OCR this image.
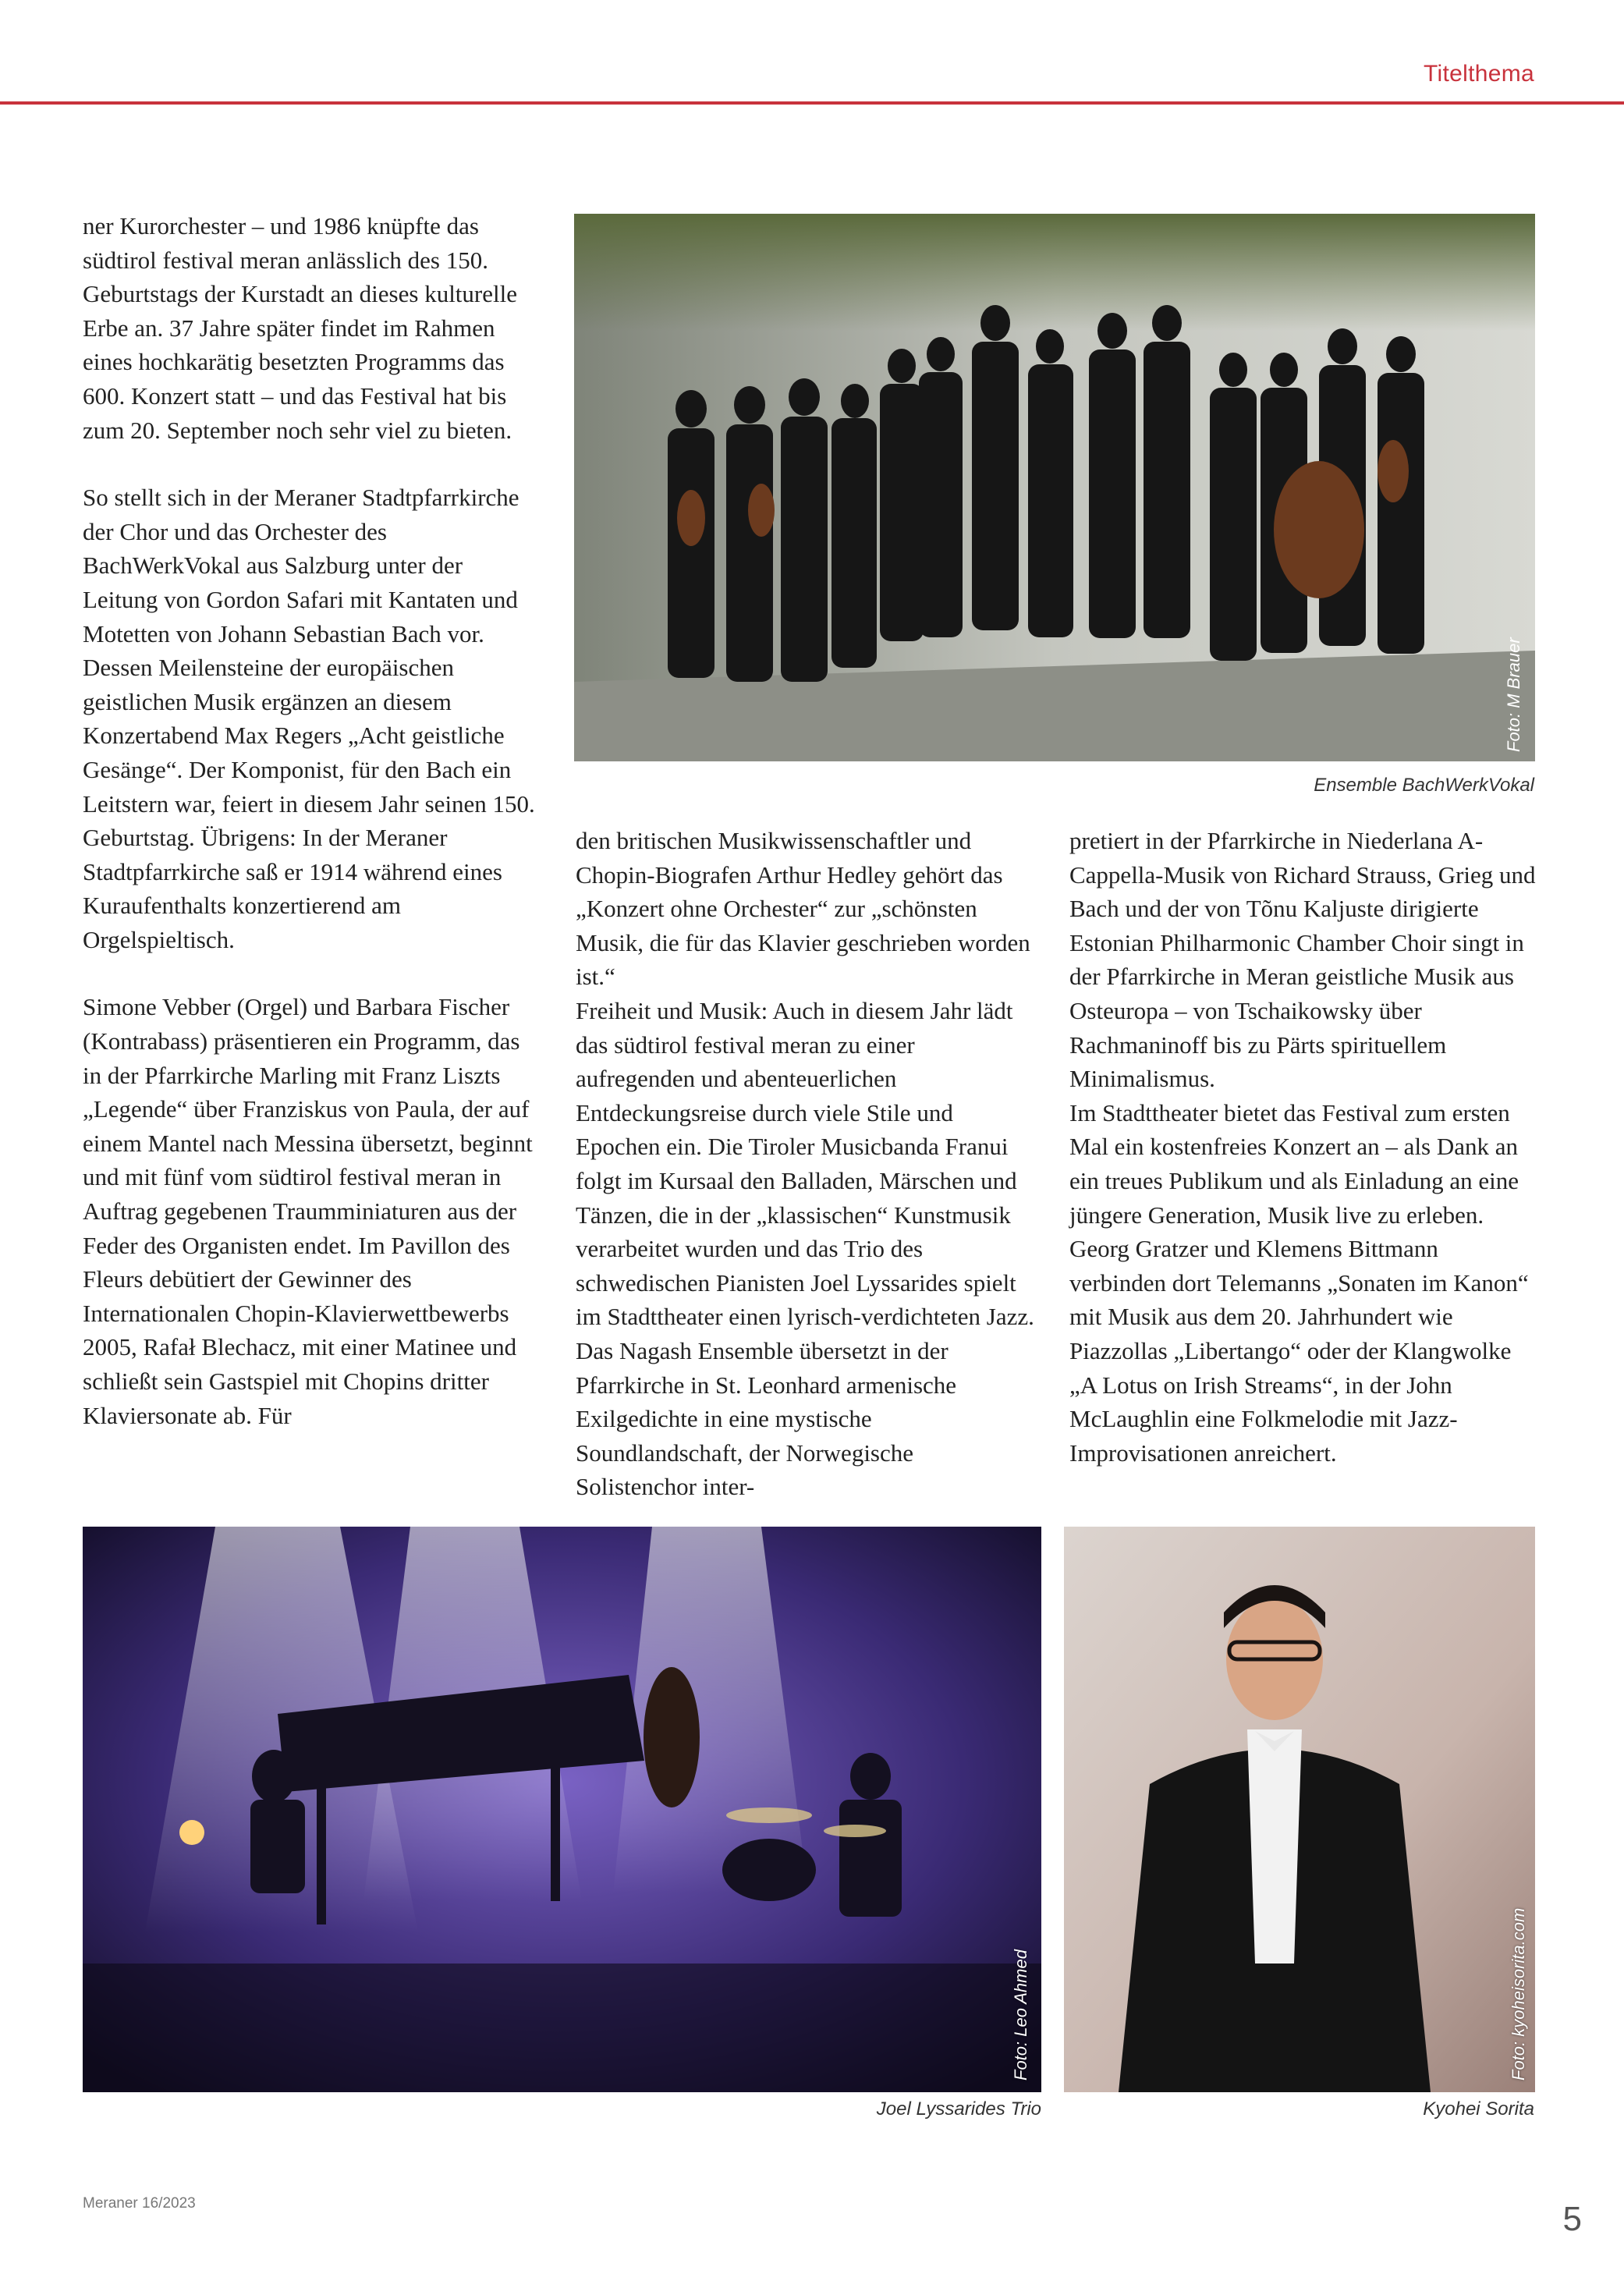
Titelthema

ner Kurorchester – und 1986 knüpfte das südtirol festival meran anlässlich des 150. Geburtstags der Kurstadt an dieses kulturelle Erbe an. 37 Jahre später findet im Rahmen eines hochkarätig besetzten Programms das 600. Konzert statt – und das Festival hat bis zum 20. September noch sehr viel zu bieten.

So stellt sich in der Meraner Stadtpfarrkirche der Chor und das Orchester des BachWerkVokal aus Salzburg unter der Leitung von Gordon Safari mit Kantaten und Motetten von Johann Sebastian Bach vor. Dessen Meilensteine der europäischen geistlichen Musik ergänzen an diesem Konzertabend Max Regers „Acht geistliche Gesänge“. Der Komponist, für den Bach ein Leitstern war, feiert in diesem Jahr seinen 150. Geburtstag. Übrigens: In der Meraner Stadtpfarrkirche saß er 1914 während eines Kuraufenthalts konzertierend am Orgelspieltisch.

Simone Vebber (Orgel) und Barbara Fischer (Kontrabass) präsentieren ein Programm, das in der Pfarrkirche Marling mit Franz Liszts „Legende“ über Franziskus von Paula, der auf einem Mantel nach Messina übersetzt, beginnt und mit fünf vom südtirol festival meran in Auftrag gegebenen Traumminiaturen aus der Feder des Organisten endet. Im Pavillon des Fleurs debütiert der Gewinner des Internationalen Chopin-Klavierwettbewerbs 2005, Rafał Blechacz, mit einer Matinee und schließt sein Gastspiel mit Chopins dritter Klaviersonate ab. Für

Foto: M Brauer
Ensemble BachWerkVokal

den britischen Musikwissenschaftler und Chopin-Biografen Arthur Hedley gehört das „Konzert ohne Orchester“ zur „schönsten Musik, die für das Klavier geschrieben worden ist.“

Freiheit und Musik: Auch in diesem Jahr lädt das südtirol festival meran zu einer aufregenden und abenteuerlichen Entdeckungsreise durch viele Stile und Epochen ein. Die Tiroler Musicbanda Franui folgt im Kursaal den Balladen, Märschen und Tänzen, die in der „klassischen“ Kunstmusik verarbeitet wurden und das Trio des schwedischen Pianisten Joel Lyssarides spielt im Stadttheater einen lyrisch-verdichteten Jazz. Das Nagash Ensemble übersetzt in der Pfarrkirche in St. Leonhard armenische Exilgedichte in eine mystische Soundlandschaft, der Norwegische Solistenchor inter-

pretiert in der Pfarrkirche in Niederlana A-Cappella-Musik von Richard Strauss, Grieg und Bach und der von Tõnu Kaljuste dirigierte Estonian Philharmonic Chamber Choir singt in der Pfarrkirche in Meran geistliche Musik aus Osteuropa – von Tschaikowsky über Rachmaninoff bis zu Pärts spirituellem Minimalismus.

Im Stadttheater bietet das Festival zum ersten Mal ein kostenfreies Konzert an – als Dank an ein treues Publikum und als Einladung an eine jüngere Generation, Musik live zu erleben. Georg Gratzer und Klemens Bittmann verbinden dort Telemanns „Sonaten im Kanon“ mit Musik aus dem 20. Jahrhundert wie Piazzollas „Libertango“ oder der Klangwolke „A Lotus on Irish Streams“, in der John McLaughlin eine Folkmelodie mit Jazz-Improvisationen anreichert.

Foto: Leo Ahmed
Joel Lyssarides Trio
Foto: kyoheisorita.com
Kyohei Sorita
Meraner 16/2023	5
